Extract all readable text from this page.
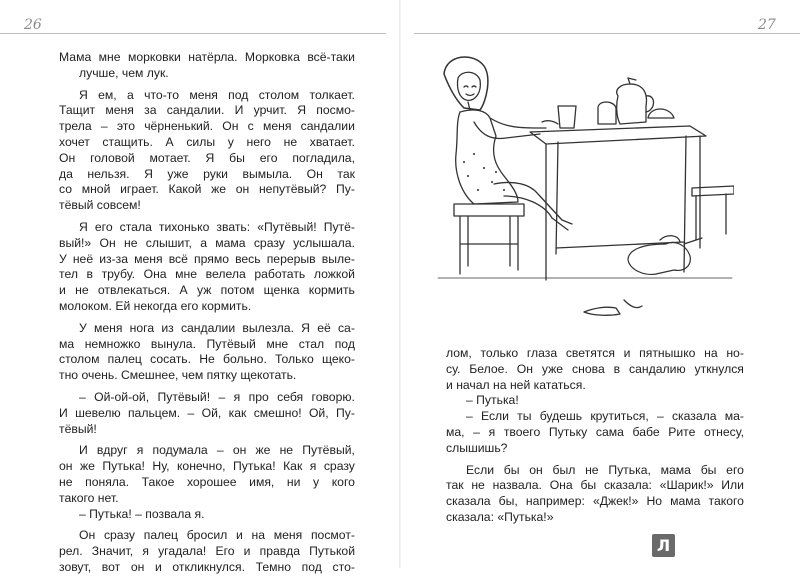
26
Мама мне морковки натёрла. Морковка всё-таки
лучше, чем лук.
Я ем, а что-то меня под столом толкает.
Тащит меня за сандалии. И урчит. Я посмо-
трела – это чёрненький. Он с меня сандалии
хочет стащить. А силы у него не хватает.
Он головой мотает. Я бы его погладила,
да нельзя. Я уже руки вымыла. Он так
со мной играет. Какой же он непутёвый? Пу-
тёвый совсем!
Я его стала тихонько звать: «Путёвый! Путё-
вый!» Он не слышит, а мама сразу услышала.
У неё из-за меня всё прямо весь перерыв выле-
тел в трубу. Она мне велела работать ложкой
и не отвлекаться. А уж потом щенка кормить
молоком. Ей некогда его кормить.
У меня нога из сандалии вылезла. Я её са-
ма немножко вынула. Путёвый мне стал под
столом палец сосать. Не больно. Только щеко-
тно очень. Смешнее, чем пятку щекотать.
– Ой-ой-ой, Путёвый! – я про себя говорю.
И шевелю пальцем. – Ой, как смешно! Ой, Пу-
тёвый!
И вдруг я подумала – он же не Путёвый,
он же Путька! Ну, конечно, Путька! Как я сразу
не поняла. Такое хорошее имя, ни у кого
такого нет.
– Путька! – позвала я.
Он сразу палец бросил и на меня посмот-
рел. Значит, я угадала! Его и правда Путькой
зовут, вот он и откликнулся. Темно под сто-
27
лом, только глаза светятся и пятнышко на но-
су. Белое. Он уже снова в сандалию уткнулся
и начал на ней кататься.
– Путька!
– Если ты будешь крутиться, – сказала ма-
ма, – я твоего Путьку сама бабе Рите отнесу,
слышишь?
Если бы он был не Путька, мама бы его
так не назвала. Она бы сказала: «Шарик!» Или
сказала бы, например: «Джек!» Но мама такого
сказала: «Путька!»
Л
